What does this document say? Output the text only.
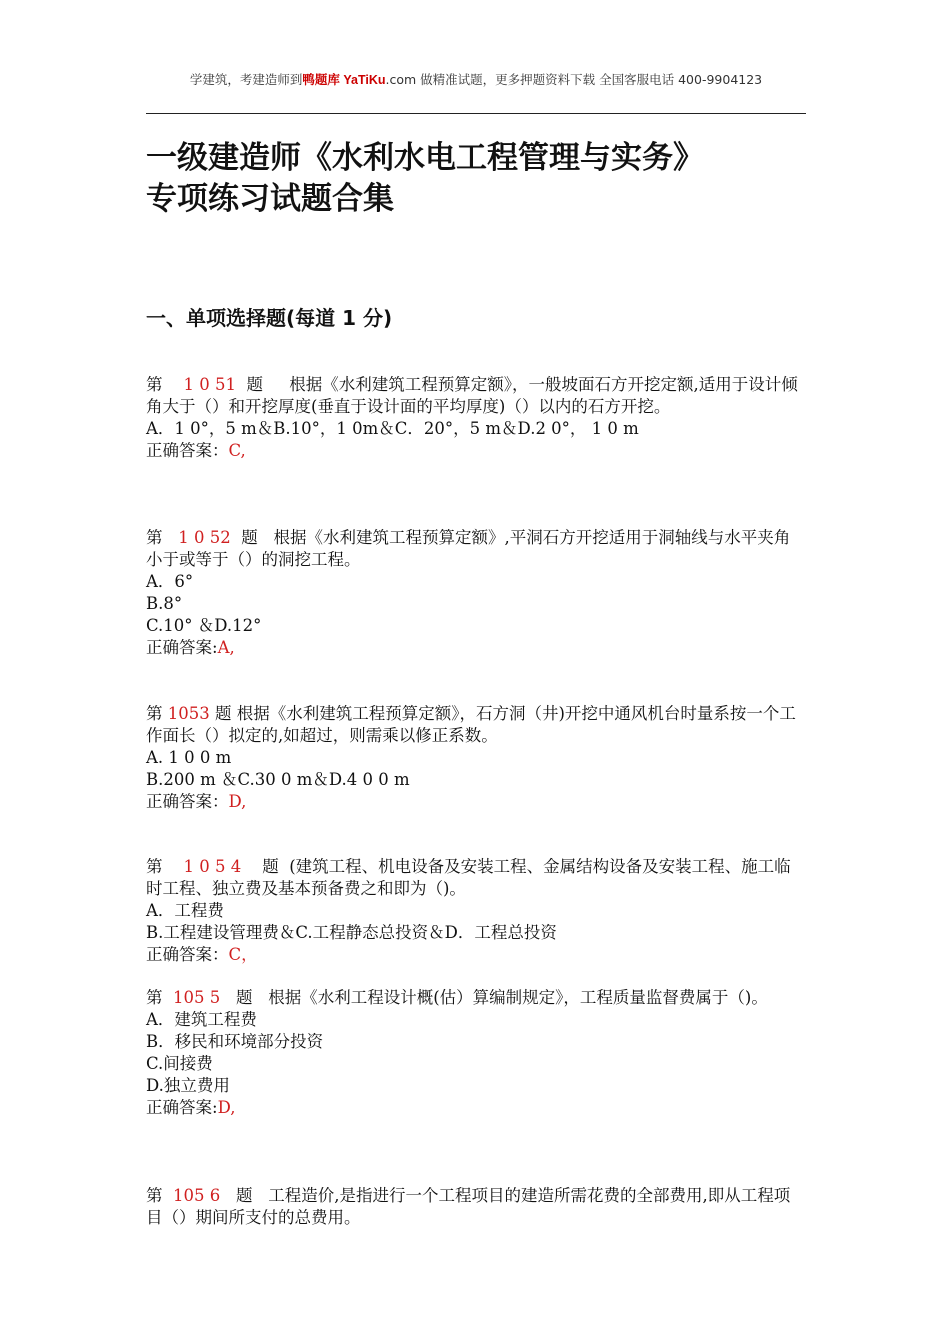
学建筑，考建造师到鸭题库 YaTiKu.com 做精准试题，更多押题资料下载 全国客服电话 400-9904123
一级建造师《水利水电工程管理与实务》
专项练习试题合集
一、单项选择题(每道 1 分)
第 1 0 51 题 根据《水利建筑工程预算定额》，一般坡面石方开挖定额,适用于设计倾角大于（）和开挖厚度(垂直于设计面的平均厚度)（）以内的石方开挖。
A．1 0°，5 m＆B.10°，1 0m＆C．20°，5 m＆D.2 0°， 1 0 m
正确答案：C,
第 1 0 52 题 根据《水利建筑工程预算定额》,平洞石方开挖适用于洞轴线与水平夹角小于或等于（）的洞挖工程。
A．6°
B.8°
C.10° ＆D.12°
正确答案:A,
第 1053 题 根据《水利建筑工程预算定额》，石方洞（井)开挖中通风机台时量系按一个工作面长（）拟定的,如超过，则需乘以修正系数。
A. 1 0 0 m
B.200 m ＆C.30 0 m＆D.4 0 0 m
正确答案：D,
第 1 0 5 4 题 (建筑工程、机电设备及安装工程、金属结构设备及安装工程、施工临时工程、独立费及基本预备费之和即为（)。
A．工程费
B.工程建设管理费＆C.工程静态总投资＆D．工程总投资
正确答案：C，
第 105 5 题 根据《水利工程设计概(估）算编制规定》，工程质量监督费属于（)。
A．建筑工程费
B．移民和环境部分投资
C.间接费
D.独立费用
正确答案:D,
第 105 6 题 工程造价,是指进行一个工程项目的建造所需花费的全部费用,即从工程项目（）期间所支付的总费用。
